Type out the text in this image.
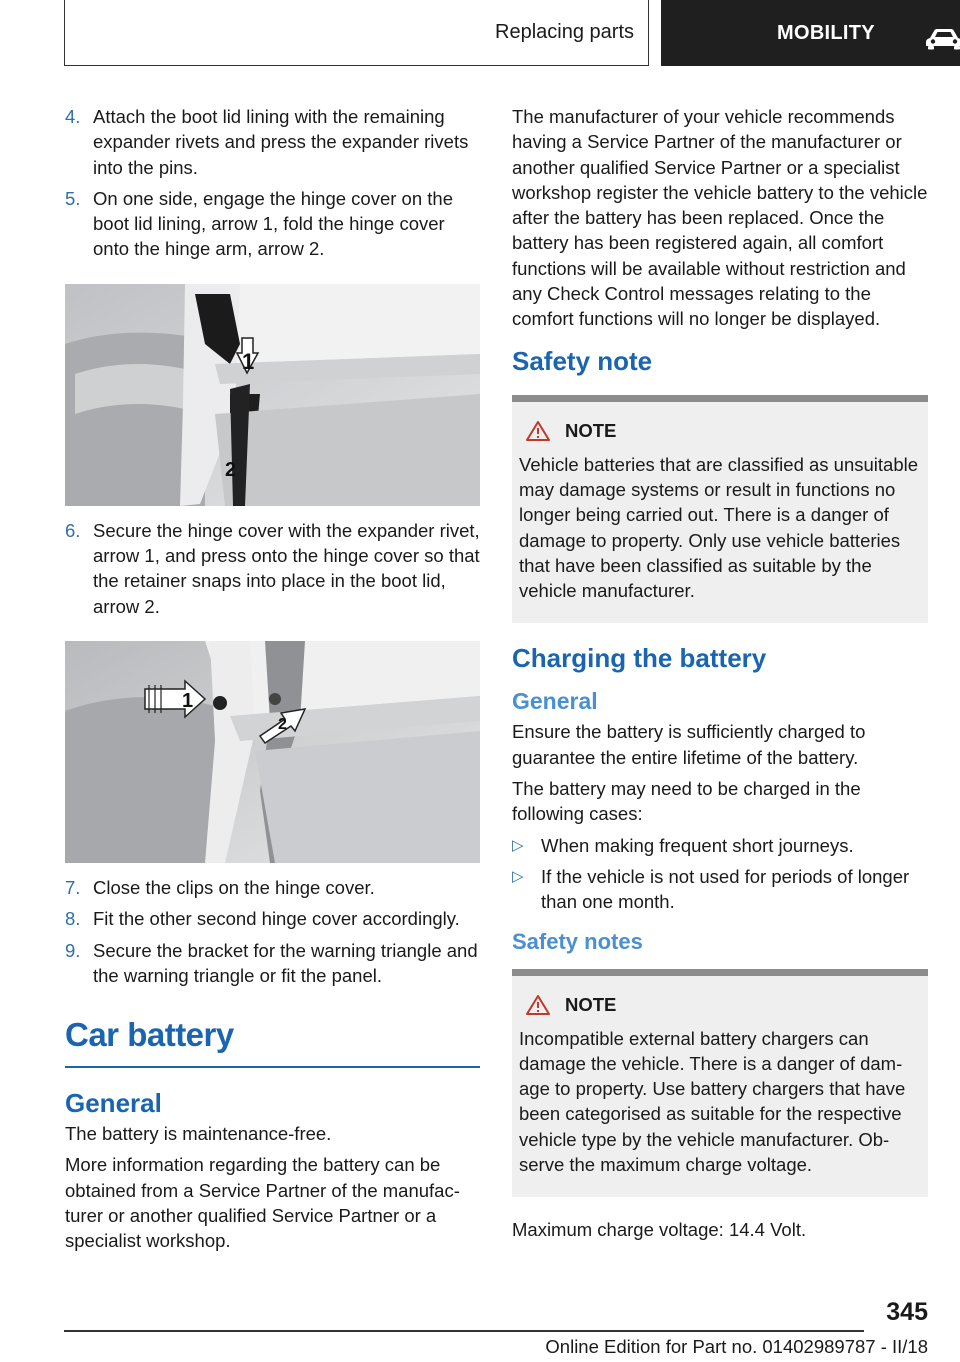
Replacing parts	MOBILITY
4. Attach the boot lid lining with the remaining expander rivets and press the expander rivets into the pins.
5. On one side, engage the hinge cover on the boot lid lining, arrow 1, fold the hinge cover onto the hinge arm, arrow 2.
1
2
6. Secure the hinge cover with the expander rivet, arrow 1, and press onto the hinge cover so that the retainer snaps into place in the boot lid, arrow 2.
1
2
7. Close the clips on the hinge cover.
8. Fit the other second hinge cover accordingly.
9. Secure the bracket for the warning triangle and the warning triangle or fit the panel.
Car battery
General

The battery is maintenance-free.

More information regarding the battery can be obtained from a Service Partner of the manufacturer or another qualified Service Partner or a specialist workshop.

The manufacturer of your vehicle recommends having a Service Partner of the manufacturer or another qualified Service Partner or a specialist workshop register the vehicle battery to the vehicle after the battery has been replaced. Once the battery has been registered again, all comfort functions will be available without restriction and any Check Control messages relating to the comfort functions will no longer be displayed.

Safety note
NOTE

Vehicle batteries that are classified as unsuitable may damage systems or result in functions no longer being carried out. There is a danger of damage to property. Only use vehicle batteries that have been classified as suitable by the vehicle manufacturer.

Charging the battery
General

Ensure the battery is sufficiently charged to guarantee the entire lifetime of the battery.

The battery may need to be charged in the following cases:

▷ When making frequent short journeys.
▷ If the vehicle is not used for periods of longer than one month.
Safety notes
NOTE

Incompatible external battery chargers can damage the vehicle. There is a danger of damage to property. Use battery chargers that have been categorised as suitable for the respective vehicle type by the vehicle manufacturer. Observe the maximum charge voltage.

Maximum charge voltage: 14.4 Volt.

345
Online Edition for Part no. 01402989787 - II/18
